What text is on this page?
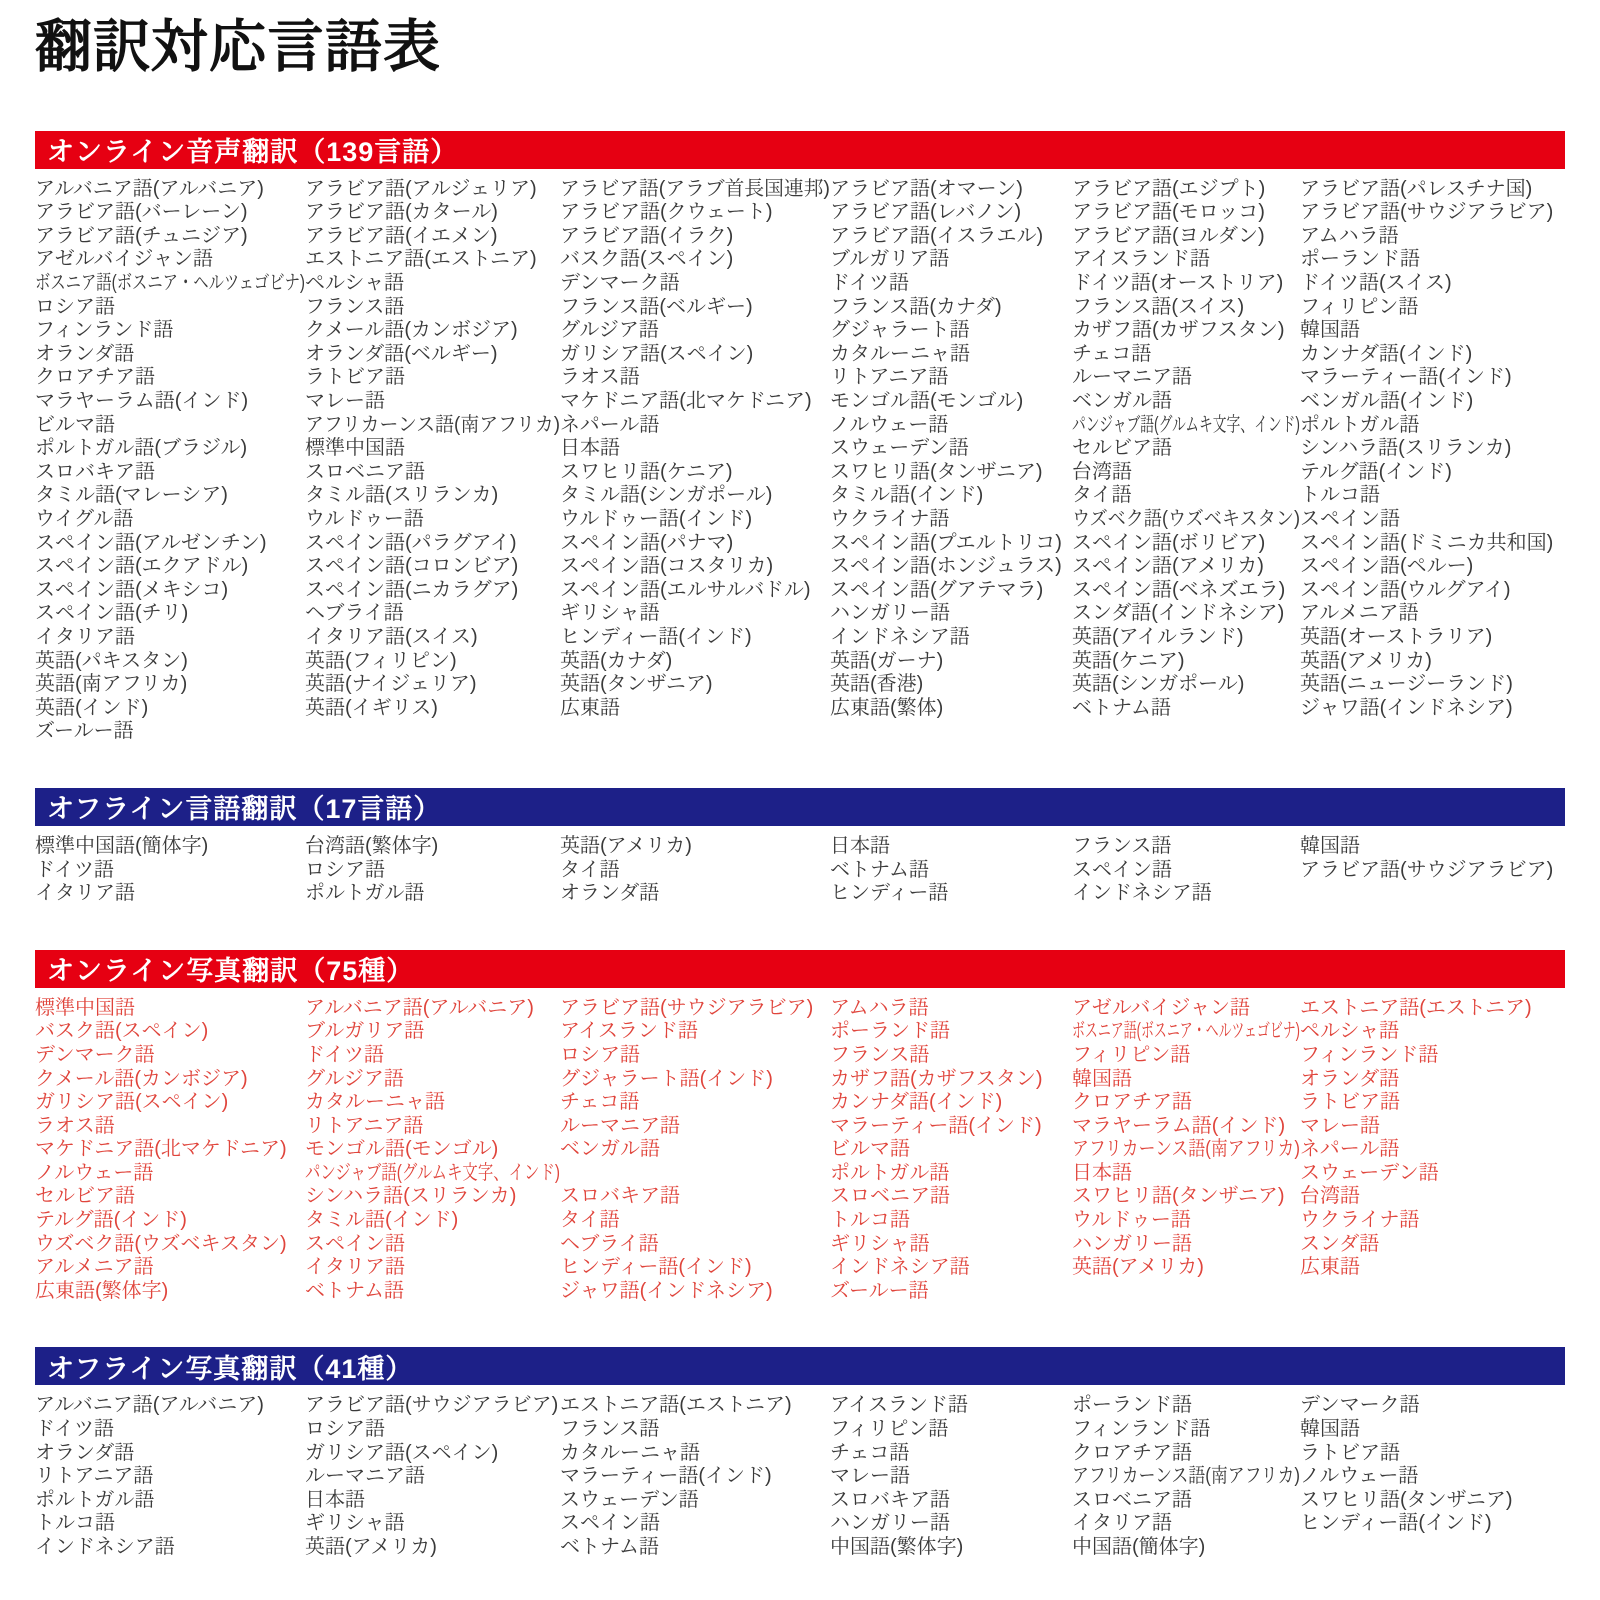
翻訳対応言語表
オンライン音声翻訳（139言語）
アルバニア語(アルバニア)
アラビア語(バーレーン)
アラビア語(チュニジア)
アゼルバイジャン語
ボスニア語(ボスニア・ヘルツェゴビナ)
ロシア語
フィンランド語
オランダ語
クロアチア語
マラヤーラム語(インド)
ビルマ語
ポルトガル語(ブラジル)
スロバキア語
タミル語(マレーシア)
ウイグル語
スペイン語(アルゼンチン)
スペイン語(エクアドル)
スペイン語(メキシコ)
スペイン語(チリ)
イタリア語
英語(パキスタン)
英語(南アフリカ)
英語(インド)
ズールー語
アラビア語(アルジェリア)
アラビア語(カタール)
アラビア語(イエメン)
エストニア語(エストニア)
ペルシャ語
フランス語
クメール語(カンボジア)
オランダ語(ベルギー)
ラトビア語
マレー語
アフリカーンス語(南アフリカ)
標準中国語
スロベニア語
タミル語(スリランカ)
ウルドゥー語
スペイン語(パラグアイ)
スペイン語(コロンビア)
スペイン語(ニカラグア)
ヘブライ語
イタリア語(スイス)
英語(フィリピン)
英語(ナイジェリア)
英語(イギリス)
アラビア語(アラブ首長国連邦)
アラビア語(クウェート)
アラビア語(イラク)
バスク語(スペイン)
デンマーク語
フランス語(ベルギー)
グルジア語
ガリシア語(スペイン)
ラオス語
マケドニア語(北マケドニア)
ネパール語
日本語
スワヒリ語(ケニア)
タミル語(シンガポール)
ウルドゥー語(インド)
スペイン語(パナマ)
スペイン語(コスタリカ)
スペイン語(エルサルバドル)
ギリシャ語
ヒンディー語(インド)
英語(カナダ)
英語(タンザニア)
広東語
アラビア語(オマーン)
アラビア語(レバノン)
アラビア語(イスラエル)
ブルガリア語
ドイツ語
フランス語(カナダ)
グジャラート語
カタルーニャ語
リトアニア語
モンゴル語(モンゴル)
ノルウェー語
スウェーデン語
スワヒリ語(タンザニア)
タミル語(インド)
ウクライナ語
スペイン語(プエルトリコ)
スペイン語(ホンジュラス)
スペイン語(グアテマラ)
ハンガリー語
インドネシア語
英語(ガーナ)
英語(香港)
広東語(繁体)
アラビア語(エジプト)
アラビア語(モロッコ)
アラビア語(ヨルダン)
アイスランド語
ドイツ語(オーストリア)
フランス語(スイス)
カザフ語(カザフスタン)
チェコ語
ルーマニア語
ベンガル語
パンジャブ語(グルムキ文字、インド)
セルビア語
台湾語
タイ語
ウズベク語(ウズベキスタン)
スペイン語(ボリビア)
スペイン語(アメリカ)
スペイン語(ベネズエラ)
スンダ語(インドネシア)
英語(アイルランド)
英語(ケニア)
英語(シンガポール)
ベトナム語
アラビア語(パレスチナ国)
アラビア語(サウジアラビア)
アムハラ語
ポーランド語
ドイツ語(スイス)
フィリピン語
韓国語
カンナダ語(インド)
マラーティー語(インド)
ベンガル語(インド)
ポルトガル語
シンハラ語(スリランカ)
テルグ語(インド)
トルコ語
スペイン語
スペイン語(ドミニカ共和国)
スペイン語(ペルー)
スペイン語(ウルグアイ)
アルメニア語
英語(オーストラリア)
英語(アメリカ)
英語(ニュージーランド)
ジャワ語(インドネシア)
オフライン言語翻訳（17言語）
標準中国語(簡体字)
ドイツ語
イタリア語
台湾語(繁体字)
ロシア語
ポルトガル語
英語(アメリカ)
タイ語
オランダ語
日本語
ベトナム語
ヒンディー語
フランス語
スペイン語
インドネシア語
韓国語
アラビア語(サウジアラビア)
オンライン写真翻訳（75種）
標準中国語
バスク語(スペイン)
デンマーク語
クメール語(カンボジア)
ガリシア語(スペイン)
ラオス語
マケドニア語(北マケドニア)
ノルウェー語
セルビア語
テルグ語(インド)
ウズベク語(ウズベキスタン)
アルメニア語
広東語(繁体字)
アルバニア語(アルバニア)
ブルガリア語
ドイツ語
グルジア語
カタルーニャ語
リトアニア語
モンゴル語(モンゴル)
パンジャブ語(グルムキ文字、インド)
シンハラ語(スリランカ)
タミル語(インド)
スペイン語
イタリア語
ベトナム語
アラビア語(サウジアラビア)
アイスランド語
ロシア語
グジャラート語(インド)
チェコ語
ルーマニア語
ベンガル語
スロバキア語
タイ語
ヘブライ語
ヒンディー語(インド)
ジャワ語(インドネシア)
アムハラ語
ポーランド語
フランス語
カザフ語(カザフスタン)
カンナダ語(インド)
マラーティー語(インド)
ビルマ語
ポルトガル語
スロベニア語
トルコ語
ギリシャ語
インドネシア語
ズールー語
アゼルバイジャン語
ボスニア語(ボスニア・ヘルツェゴビナ)
フィリピン語
韓国語
クロアチア語
マラヤーラム語(インド)
アフリカーンス語(南アフリカ)
日本語
スワヒリ語(タンザニア)
ウルドゥー語
ハンガリー語
英語(アメリカ)
エストニア語(エストニア)
ペルシャ語
フィンランド語
オランダ語
ラトビア語
マレー語
ネパール語
スウェーデン語
台湾語
ウクライナ語
スンダ語
広東語
オフライン写真翻訳（41種）
アルバニア語(アルバニア)
ドイツ語
オランダ語
リトアニア語
ポルトガル語
トルコ語
インドネシア語
アラビア語(サウジアラビア)
ロシア語
ガリシア語(スペイン)
ルーマニア語
日本語
ギリシャ語
英語(アメリカ)
エストニア語(エストニア)
フランス語
カタルーニャ語
マラーティー語(インド)
スウェーデン語
スペイン語
ベトナム語
アイスランド語
フィリピン語
チェコ語
マレー語
スロバキア語
ハンガリー語
中国語(繁体字)
ポーランド語
フィンランド語
クロアチア語
アフリカーンス語(南アフリカ)
スロベニア語
イタリア語
中国語(簡体字)
デンマーク語
韓国語
ラトビア語
ノルウェー語
スワヒリ語(タンザニア)
ヒンディー語(インド)
